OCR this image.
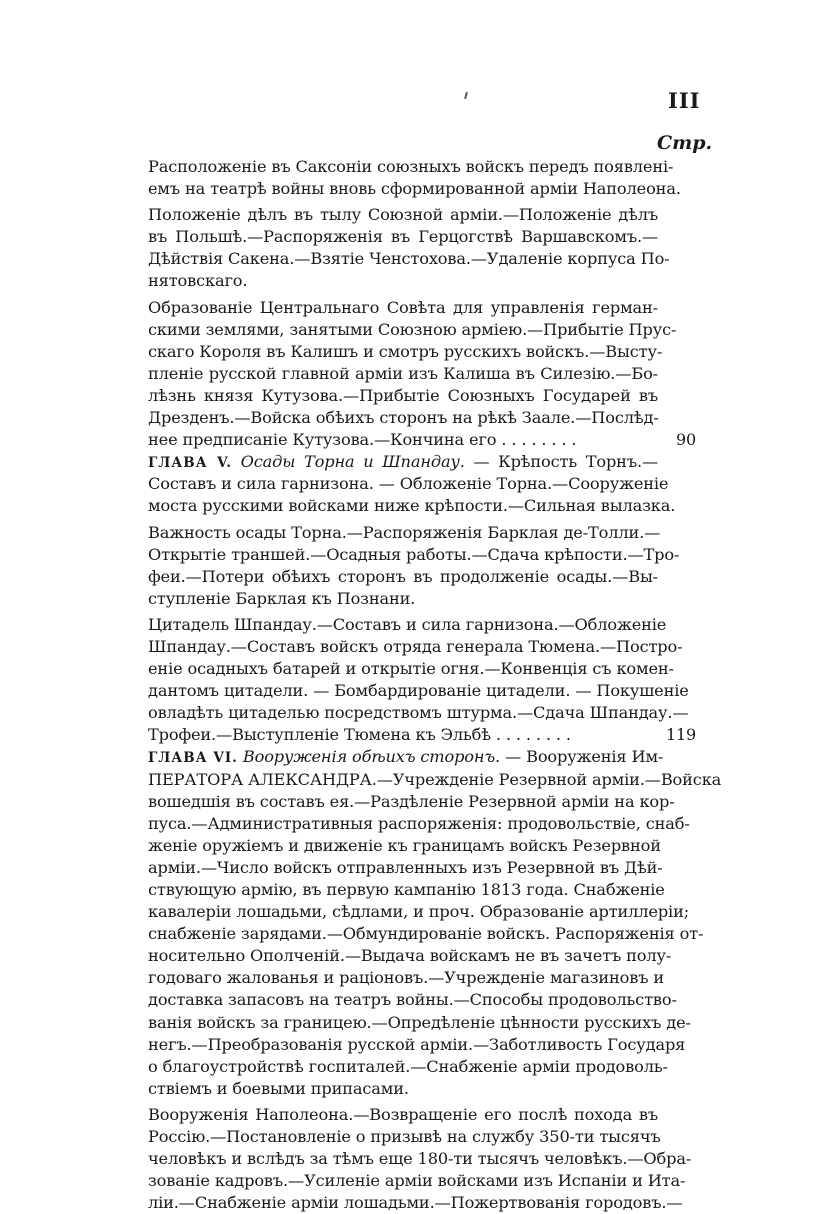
III
Стр.
Расположеніе въ Саксоніи союзныхъ войскъ передъ появлені-
емъ на театрѣ войны вновь сформированной арміи Наполеона.
Положеніе дѣлъ въ тылу Союзной арміи.—Положеніе дѣлъ
въ Польшѣ.—Распоряженія въ Герцогствѣ Варшавскомъ.—
Дѣйствія Сакена.—Взятіе Ченстохова.—Удаленіе корпуса По-
нятовскаго.
Образованіе Центральнаго Совѣта для управленія герман-
скими землями, занятыми Союзною арміею.—Прибытіе Прус-
скаго Короля въ Калишъ и смотръ русскихъ войскъ.—Высту-
пленіе русской главной арміи изъ Калиша въ Силезію.—Бо-
лѣзнь князя Кутузова.—Прибытіе Союзныхъ Государей въ
Дрезденъ.—Войска обѣихъ сторонъ на рѣкѣ Заале.—Послѣд-
нее предписаніе Кутузова.—Кончина его . . . . . . . .	90
ГЛАВА V. Осады Торна и Шпандау. — Крѣпость Торнъ.—
Составъ и сила гарнизона. — Обложеніе Торна.—Сооруженіе
моста русскими войсками ниже крѣпости.—Сильная вылазка.
Важность осады Торна.—Распоряженія Барклая де-Толли.—
Открытіе траншей.—Осадныя работы.—Сдача крѣпости.—Тро-
феи.—Потери обѣихъ сторонъ въ продолженіе осады.—Вы-
ступленіе Барклая къ Познани.
Цитадель Шпандау.—Составъ и сила гарнизона.—Обложеніе
Шпандау.—Составъ войскъ отряда генерала Тюмена.—Постро-
еніе осадныхъ батарей и открытіе огня.—Конвенція съ комен-
дантомъ цитадели. — Бомбардированіе цитадели. — Покушеніе
овладѣть цитаделью посредствомъ штурма.—Сдача Шпандау.—
Трофеи.—Выступленіе Тюмена къ Эльбѣ . . . . . . . .	119
ГЛАВА VI. Вооруженія обѣихъ сторонъ. — Вооруженія Им-
ПЕРАТОРА АЛЕКСАНДРА.—Учрежденіе Резервной арміи.—Войска
вошедшія въ составъ ея.—Раздѣленіе Резервной арміи на кор-
пуса.—Административныя распоряженія: продовольствіе, снаб-
женіе оружіемъ и движеніе къ границамъ войскъ Резервной
арміи.—Число войскъ отправленныхъ изъ Резервной въ Дѣй-
ствующую армію, въ первую кампанію 1813 года. Снабженіе
кавалеріи лошадьми, сѣдлами, и проч. Образованіе артиллеріи;
снабженіе зарядами.—Обмундированіе войскъ. Распоряженія от-
носительно Ополченій.—Выдача войскамъ не въ зачетъ полу-
годоваго жалованья и раціоновъ.—Учрежденіе магазиновъ и
доставка запасовъ на театръ войны.—Способы продовольство-
ванія войскъ за границею.—Опредѣленіе цѣнности русскихъ де-
негъ.—Преобразованія русской арміи.—Заботливость Государя
о благоустройствѣ госпиталей.—Снабженіе арміи продоволь-
ствіемъ и боевыми припасами.
Вооруженія Наполеона.—Возвращеніе его послѣ похода въ
Россію.—Постановленіе о призывѣ на службу 350-ти тысячъ
человѣкъ и вслѣдъ за тѣмъ еще 180-ти тысячъ человѣкъ.—Обра-
зованіе кадровъ.—Усиленіе арміи войсками изъ Испаніи и Ита-
ліи.—Снабженіе арміи лошадьми.—Пожертвованія городовъ.—
